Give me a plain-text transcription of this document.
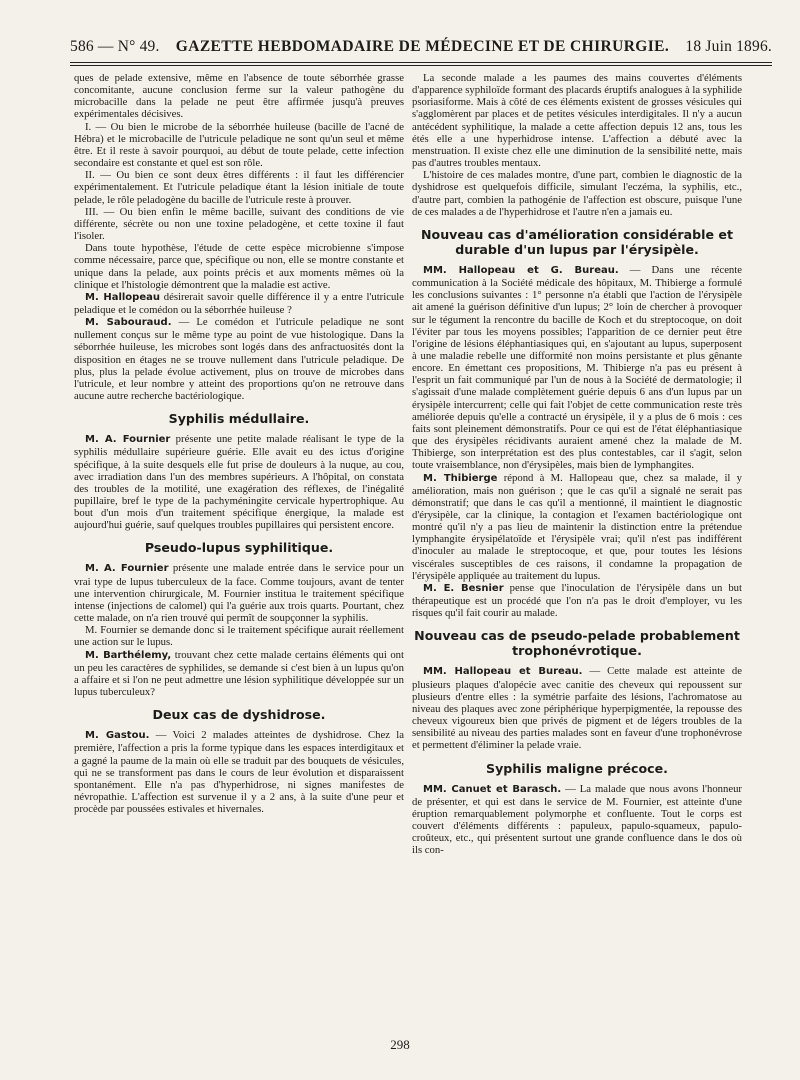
586 — N° 49. GAZETTE HEBDOMADAIRE DE MÉDECINE ET DE CHIRURGIE. 18 Juin 1896.

ques de pelade extensive, même en l'absence de toute séborrhée grasse concomitante, aucune conclusion ferme sur la valeur pathogène du microbacille dans la pelade ne peut être affirmée jusqu'à preuves expérimentales décisives.

I. — Ou bien le microbe de la séborrhée huileuse (bacille de l'acné de Hébra) et le microbacille de l'utricule peladique ne sont qu'un seul et même être. Et il reste à savoir pourquoi, au début de toute pelade, cette infection secondaire est constante et quel est son rôle.

II. — Ou bien ce sont deux êtres différents : il faut les différencier expérimentalement. Et l'utricule peladique étant la lésion initiale de toute pelade, le rôle peladogène du bacille de l'utricule reste à prouver.

III. — Ou bien enfin le même bacille, suivant des conditions de vie différente, sécrète ou non une toxine peladogène, et cette toxine il faut l'isoler.

Dans toute hypothèse, l'étude de cette espèce microbienne s'impose comme nécessaire, parce que, spécifique ou non, elle se montre constante et unique dans la pelade, aux points précis et aux moments mêmes où la clinique et l'histologie démontrent que la maladie est active.

M. Hallopeau désirerait savoir quelle différence il y a entre l'utricule peladique et le comédon ou la séborrhée huileuse ?

M. Sabouraud. — Le comédon et l'utricule peladique ne sont nullement conçus sur le même type au point de vue histologique. Dans la séborrhée huileuse, les microbes sont logés dans des anfractuosités dont la disposition en étages ne se trouve nullement dans l'utricule peladique. De plus, plus la pelade évolue activement, plus on trouve de microbes dans l'utricule, et leur nombre y atteint des proportions qu'on ne retrouve dans aucune autre recherche bactériologique.

Syphilis médullaire.

M. A. Fournier présente une petite malade réalisant le type de la syphilis médullaire supérieure guérie. Elle avait eu des ictus d'origine spécifique, à la suite desquels elle fut prise de douleurs à la nuque, au cou, avec irradiation dans l'un des membres supérieurs. A l'hôpital, on constata des troubles de la motilité, une exagération des réflexes, de l'inégalité pupillaire, bref le type de la pachyméningite cervicale hypertrophique. Au bout d'un mois d'un traitement spécifique énergique, la malade est aujourd'hui guérie, sauf quelques troubles pupillaires qui persistent encore.

Pseudo-lupus syphilitique.

M. A. Fournier présente une malade entrée dans le service pour un vrai type de lupus tuberculeux de la face. Comme toujours, avant de tenter une intervention chirurgicale, M. Fournier institua le traitement spécifique intense (injections de calomel) qui l'a guérie aux trois quarts. Pourtant, chez cette malade, on n'a rien trouvé qui permît de soupçonner la syphilis.

M. Fournier se demande donc si le traitement spécifique aurait réellement une action sur le lupus.

M. Barthélemy, trouvant chez cette malade certains éléments qui ont un peu les caractères de syphilides, se demande si c'est bien à un lupus qu'on a affaire et si l'on ne peut admettre une lésion syphilitique développée sur un lupus tuberculeux?

Deux cas de dyshidrose.

M. Gastou. — Voici 2 malades atteintes de dyshidrose. Chez la première, l'affection a pris la forme typique dans les espaces interdigitaux et a gagné la paume de la main où elle se traduit par des bouquets de vésicules, qui ne se transforment pas dans le cours de leur évolution et disparaissent spontanément. Elle n'a pas d'hyperhidrose, ni signes manifestes de névropathie. L'affection est survenue il y a 2 ans, à la suite d'une peur et procède par poussées estivales et hivernales.

La seconde malade a les paumes des mains couvertes d'éléments d'apparence syphiloïde formant des placards éruptifs analogues à la syphilide psoriasiforme. Mais à côté de ces éléments existent de grosses vésicules qui s'agglomèrent par places et de petites vésicules interdigitales. Il n'y a aucun antécédent syphilitique, la malade a cette affection depuis 12 ans, tous les étés elle a une hyperhidrose intense. L'affection a débuté avec la menstruation. Il existe chez elle une diminution de la sensibilité nette, mais pas d'autres troubles mentaux.

L'histoire de ces malades montre, d'une part, combien le diagnostic de la dyshidrose est quelquefois difficile, simulant l'eczéma, la syphilis, etc., d'autre part, combien la pathogénie de l'affection est obscure, puisque l'une de ces malades a de l'hyperhidrose et l'autre n'en a jamais eu.

Nouveau cas d'amélioration considérable et durable d'un lupus par l'érysipèle.

MM. Hallopeau et G. Bureau. — Dans une récente communication à la Société médicale des hôpitaux, M. Thibierge a formulé les conclusions suivantes : 1° personne n'a établi que l'action de l'érysipèle ait amené la guérison définitive d'un lupus; 2° loin de chercher à provoquer sur le tégument la rencontre du bacille de Koch et du streptocoque, on doit l'éviter par tous les moyens possibles; l'apparition de ce dernier peut être l'origine de lésions éléphantiasiques qui, en s'ajoutant au lupus, superposent à une maladie rebelle une difformité non moins persistante et plus gênante encore. En émettant ces propositions, M. Thibierge n'a pas eu présent à l'esprit un fait communiqué par l'un de nous à la Société de dermatologie; il s'agissait d'une malade complètement guérie depuis 6 ans d'un lupus par un érysipèle intercurrent; celle qui fait l'objet de cette communication reste très améliorée depuis qu'elle a contracté un érysipèle, il y a plus de 6 mois : ces faits sont pleinement démonstratifs. Pour ce qui est de l'état éléphantiasique que des érysipèles récidivants auraient amené chez la malade de M. Thibierge, son interprétation est des plus contestables, car il s'agit, selon toute vraisemblance, non d'érysipèles, mais bien de lymphangites.

M. Thibierge répond à M. Hallopeau que, chez sa malade, il y amélioration, mais non guérison ; que le cas qu'il a signalé ne serait pas démonstratif; que dans le cas qu'il a mentionné, il maintient le diagnostic d'érysipèle, car la clinique, la contagion et l'examen bactériologique ont montré qu'il n'y a pas lieu de maintenir la distinction entre la prétendue lymphangite érysipélatoïde et l'érysipèle vrai; qu'il n'est pas indifférent d'inoculer au malade le streptocoque, et que, pour toutes les lésions viscérales susceptibles de ces raisons, il condamne la propagation de l'érysipèle appliquée au traitement du lupus.

M. E. Besnier pense que l'inoculation de l'érysipèle dans un but thérapeutique est un procédé que l'on n'a pas le droit d'employer, vu les risques qu'il fait courir au malade.

Nouveau cas de pseudo-pelade probablement trophonévrotique.

MM. Hallopeau et Bureau. — Cette malade est atteinte de plusieurs plaques d'alopécie avec canitie des cheveux qui repoussent sur plusieurs d'entre elles : la symétrie parfaite des lésions, l'achromatose au niveau des plaques avec zone périphérique hyperpigmentée, la repousse des cheveux vigoureux bien que privés de pigment et de légers troubles de la sensibilité au niveau des parties malades sont en faveur d'une trophonévrose et permettent d'éliminer la pelade vraie.

Syphilis maligne précoce.

MM. Canuet et Barasch. — La malade que nous avons l'honneur de présenter, et qui est dans le service de M. Fournier, est atteinte d'une éruption remarquablement polymorphe et confluente. Tout le corps est couvert d'éléments différents : papuleux, papulo-squameux, papulo-croûteux, etc., qui présentent surtout une grande confluence dans le dos où ils con-

298
